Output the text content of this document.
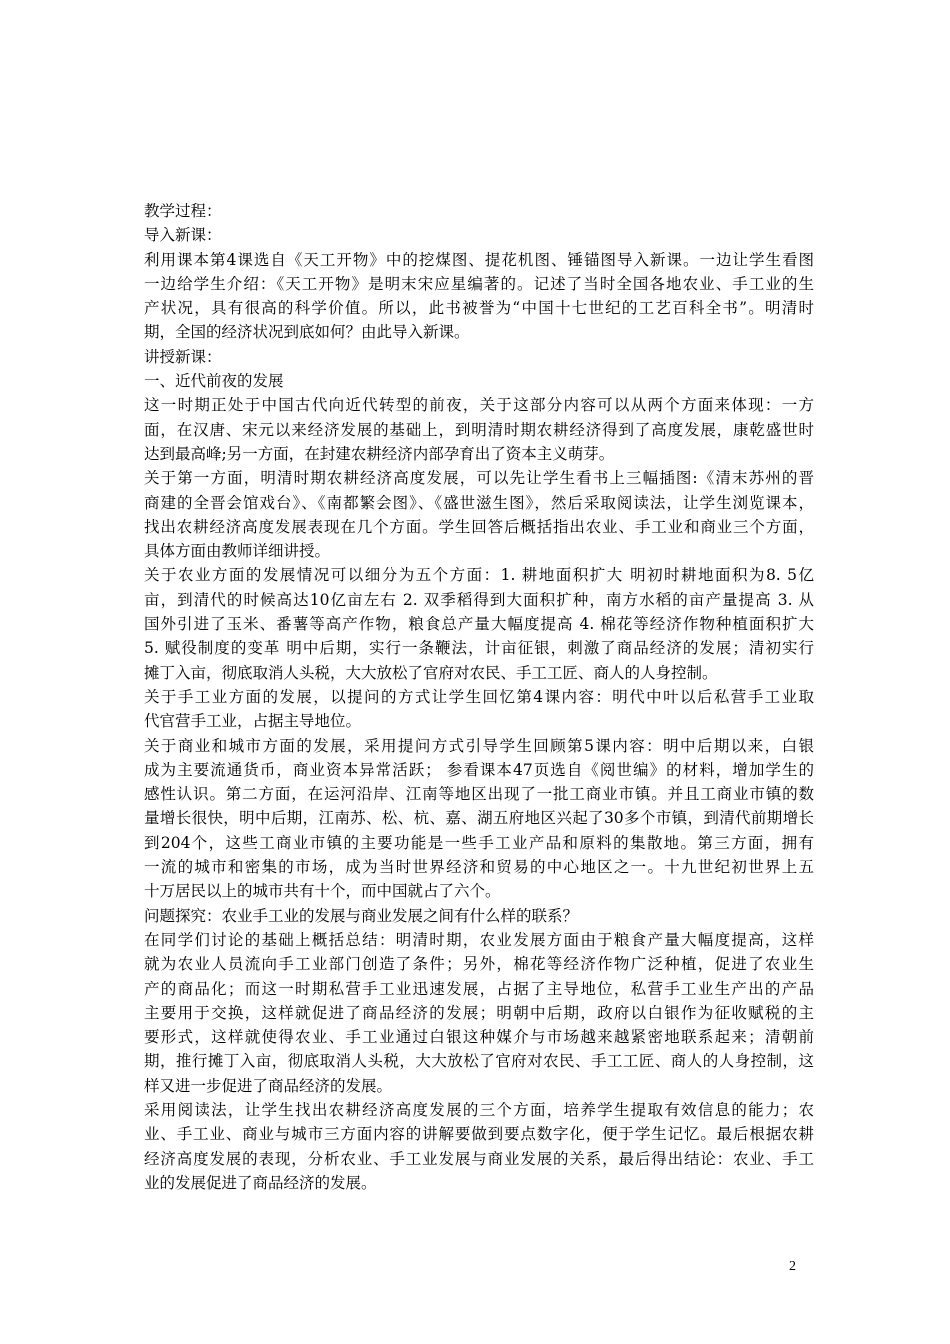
教学过程：
导入新课：
利用课本第4课选自《天工开物》中的挖煤图、提花机图、锤锚图导入新课。一边让学生看图
一边给学生介绍：《天工开物》是明末宋应星编著的。记述了当时全国各地农业、手工业的生
产状况，具有很高的科学价值。所以，此书被誉为“中国十七世纪的工艺百科全书”。明清时
期，全国的经济状况到底如何？由此导入新课。
讲授新课：
一、近代前夜的发展
这一时期正处于中国古代向近代转型的前夜，关于这部分内容可以从两个方面来体现：一方
面，在汉唐、宋元以来经济发展的基础上，到明清时期农耕经济得到了高度发展，康乾盛世时
达到最高峰;另一方面，在封建农耕经济内部孕育出了资本主义萌芽。
关于第一方面，明清时期农耕经济高度发展，可以先让学生看书上三幅插图:《清末苏州的晋
商建的全晋会馆戏台》、《南都繁会图》、《盛世滋生图》，然后采取阅读法，让学生浏览课本，
找出农耕经济高度发展表现在几个方面。学生回答后概括指出农业、手工业和商业三个方面，
具体方面由教师详细讲授。
关于农业方面的发展情况可以细分为五个方面：1. 耕地面积扩大 明初时耕地面积为8. 5亿
亩，到清代的时候高达10亿亩左右 2. 双季稻得到大面积扩种，南方水稻的亩产量提高 3. 从
国外引进了玉米、番薯等高产作物，粮食总产量大幅度提高 4. 棉花等经济作物种植面积扩大
5. 赋役制度的变革 明中后期，实行一条鞭法，计亩征银，刺激了商品经济的发展；清初实行
摊丁入亩，彻底取消人头税，大大放松了官府对农民、手工工匠、商人的人身控制。
关于手工业方面的发展，以提问的方式让学生回忆第4课内容：明代中叶以后私营手工业取
代官营手工业，占据主导地位。
关于商业和城市方面的发展，采用提问方式引导学生回顾第5课内容：明中后期以来，白银
成为主要流通货币，商业资本异常活跃； 参看课本47页选自《阅世编》的材料，增加学生的
感性认识。第二方面，在运河沿岸、江南等地区出现了一批工商业市镇。并且工商业市镇的数
量增长很快，明中后期，江南苏、松、杭、嘉、湖五府地区兴起了30多个市镇，到清代前期增长
到204个，这些工商业市镇的主要功能是一些手工业产品和原料的集散地。第三方面，拥有
一流的城市和密集的市场，成为当时世界经济和贸易的中心地区之一。十九世纪初世界上五
十万居民以上的城市共有十个，而中国就占了六个。
问题探究：农业手工业的发展与商业发展之间有什么样的联系？
在同学们讨论的基础上概括总结：明清时期，农业发展方面由于粮食产量大幅度提高，这样
就为农业人员流向手工业部门创造了条件；另外，棉花等经济作物广泛种植，促进了农业生
产的商品化；而这一时期私营手工业迅速发展，占据了主导地位，私营手工业生产出的产品
主要用于交换，这样就促进了商品经济的发展；明朝中后期，政府以白银作为征收赋税的主
要形式，这样就使得农业、手工业通过白银这种媒介与市场越来越紧密地联系起来；清朝前
期，推行摊丁入亩，彻底取消人头税，大大放松了官府对农民、手工工匠、商人的人身控制，这
样又进一步促进了商品经济的发展。
采用阅读法，让学生找出农耕经济高度发展的三个方面，培养学生提取有效信息的能力；农
业、手工业、商业与城市三方面内容的讲解要做到要点数字化，便于学生记忆。最后根据农耕
经济高度发展的表现，分析农业、手工业发展与商业发展的关系，最后得出结论：农业、手工
业的发展促进了商品经济的发展。
2
